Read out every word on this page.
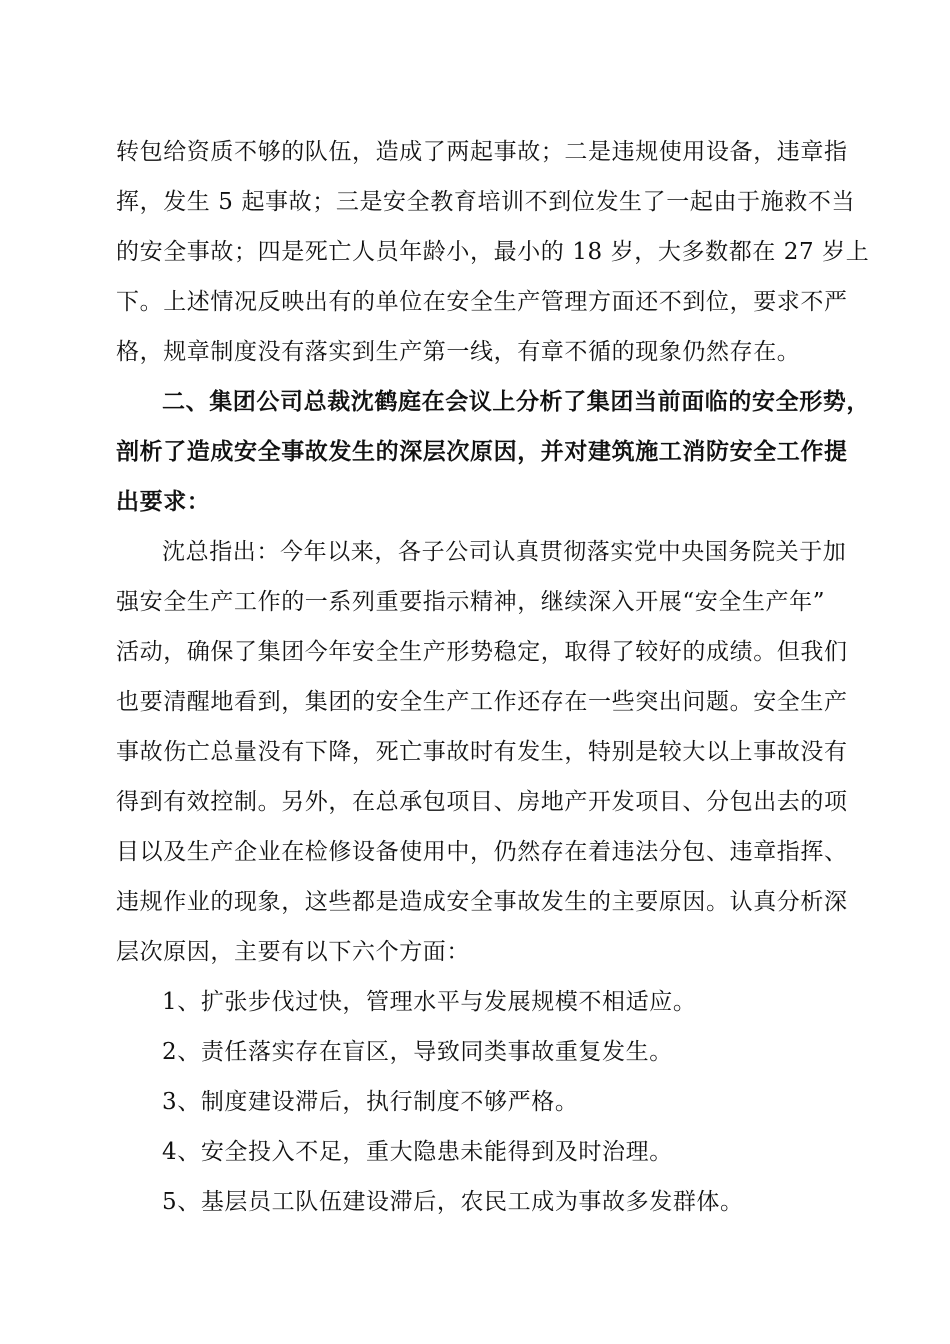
转包给资质不够的队伍，造成了两起事故；二是违规使用设备，违章指
挥，发生 5 起事故；三是安全教育培训不到位发生了一起由于施救不当
的安全事故；四是死亡人员年龄小，最小的 18 岁，大多数都在 27 岁上
下。上述情况反映出有的单位在安全生产管理方面还不到位，要求不严
格，规章制度没有落实到生产第一线，有章不循的现象仍然存在。
二、集团公司总裁沈鹤庭在会议上分析了集团当前面临的安全形势，
剖析了造成安全事故发生的深层次原因，并对建筑施工消防安全工作提
出要求：
沈总指出：今年以来，各子公司认真贯彻落实党中央国务院关于加
强安全生产工作的一系列重要指示精神，继续深入开展“安全生产年”
活动，确保了集团今年安全生产形势稳定，取得了较好的成绩。但我们
也要清醒地看到，集团的安全生产工作还存在一些突出问题。安全生产
事故伤亡总量没有下降，死亡事故时有发生，特别是较大以上事故没有
得到有效控制。另外，在总承包项目、房地产开发项目、分包出去的项
目以及生产企业在检修设备使用中，仍然存在着违法分包、违章指挥、
违规作业的现象，这些都是造成安全事故发生的主要原因。认真分析深
层次原因，主要有以下六个方面：
1、扩张步伐过快，管理水平与发展规模不相适应。
2、责任落实存在盲区，导致同类事故重复发生。
3、制度建设滞后，执行制度不够严格。
4、安全投入不足，重大隐患未能得到及时治理。
5、基层员工队伍建设滞后，农民工成为事故多发群体。
